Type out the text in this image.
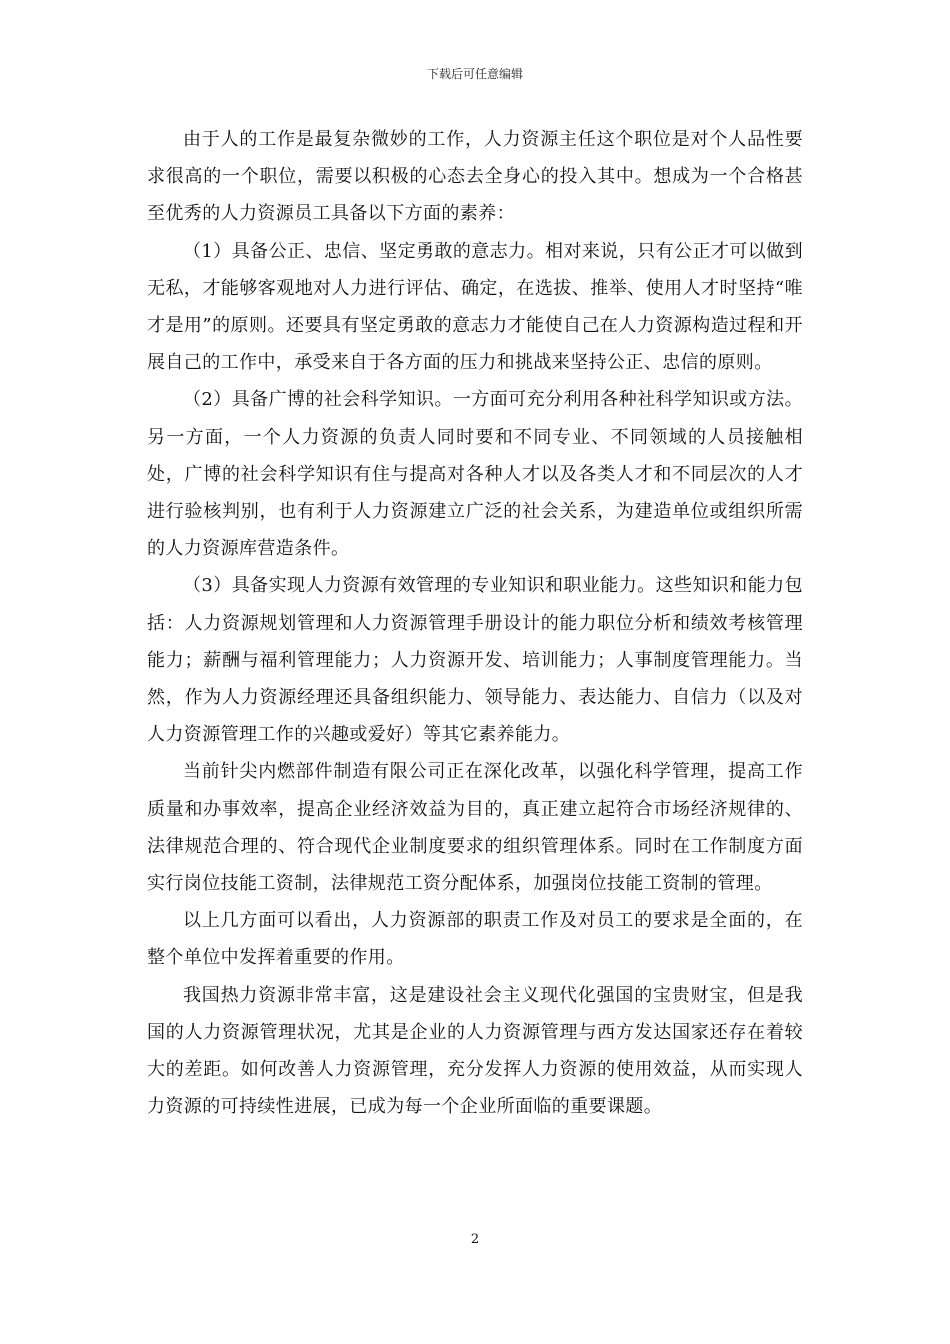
下载后可任意编辑

由于人的工作是最复杂微妙的工作，人力资源主任这个职位是对个人品性要求很高的一个职位，需要以积极的心态去全身心的投入其中。想成为一个合格甚至优秀的人力资源员工具备以下方面的素养：

（1）具备公正、忠信、坚定勇敢的意志力。相对来说，只有公正才可以做到无私，才能够客观地对人力进行评估、确定，在选拔、推举、使用人才时坚持“唯才是用”的原则。还要具有坚定勇敢的意志力才能使自己在人力资源构造过程和开展自己的工作中，承受来自于各方面的压力和挑战来坚持公正、忠信的原则。

（2）具备广博的社会科学知识。一方面可充分利用各种社科学知识或方法。另一方面，一个人力资源的负责人同时要和不同专业、不同领域的人员接触相处，广博的社会科学知识有住与提高对各种人才以及各类人才和不同层次的人才进行验核判别，也有利于人力资源建立广泛的社会关系，为建造单位或组织所需的人力资源库营造条件。

（3）具备实现人力资源有效管理的专业知识和职业能力。这些知识和能力包括：人力资源规划管理和人力资源管理手册设计的能力职位分析和绩效考核管理能力；薪酬与福利管理能力；人力资源开发、培训能力；人事制度管理能力。当然，作为人力资源经理还具备组织能力、领导能力、表达能力、自信力（以及对人力资源管理工作的兴趣或爱好）等其它素养能力。

当前针尖内燃部件制造有限公司正在深化改革，以强化科学管理，提高工作质量和办事效率，提高企业经济效益为目的，真正建立起符合市场经济规律的、法律规范合理的、符合现代企业制度要求的组织管理体系。同时在工作制度方面实行岗位技能工资制，法律规范工资分配体系，加强岗位技能工资制的管理。

以上几方面可以看出，人力资源部的职责工作及对员工的要求是全面的，在整个单位中发挥着重要的作用。

我国热力资源非常丰富，这是建设社会主义现代化强国的宝贵财宝，但是我国的人力资源管理状况，尤其是企业的人力资源管理与西方发达国家还存在着较大的差距。如何改善人力资源管理，充分发挥人力资源的使用效益，从而实现人力资源的可持续性进展，已成为每一个企业所面临的重要课题。

2
